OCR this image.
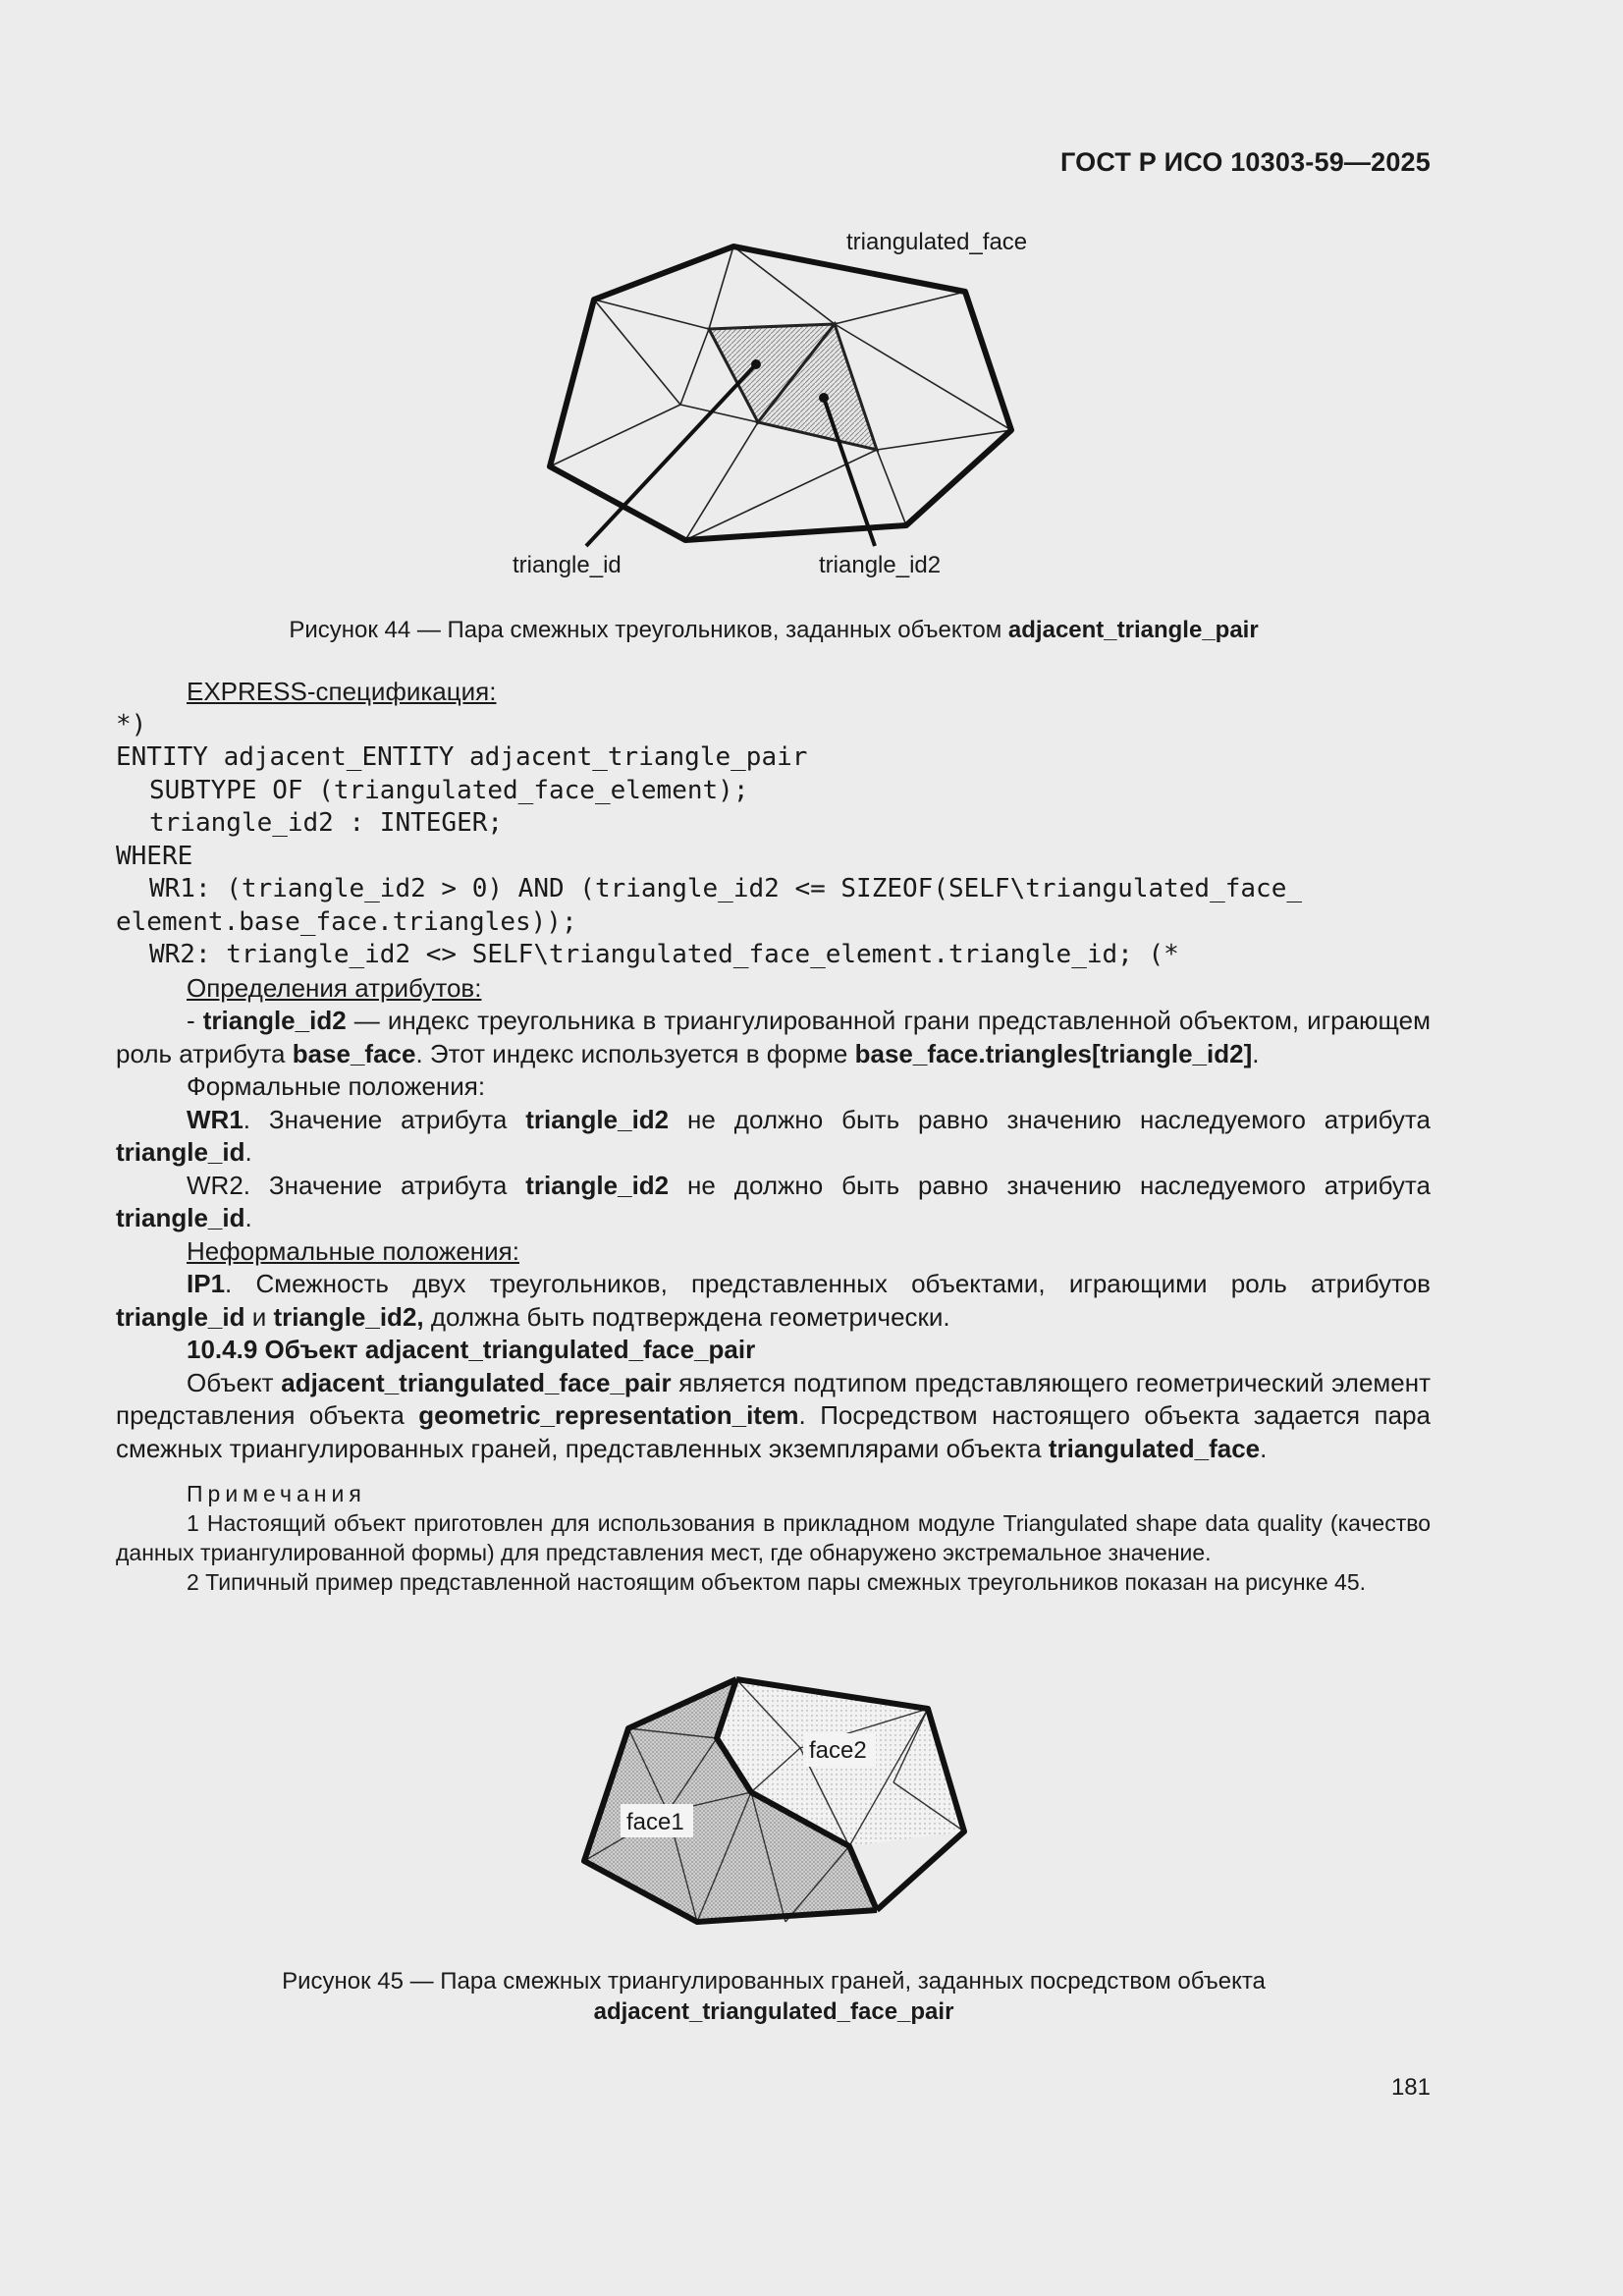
ГОСТ Р ИСО 10303-59—2025
triangulated_face
triangle_id	triangle_id2
Рисунок 44 — Пара смежных треугольников, заданных объектом adjacent_triangle_pair

EXPRESS-спецификация:

*)

ENTITY adjacent_ENTITY adjacent_triangle_pair

SUBTYPE OF (triangulated_face_element);

triangle_id2 : INTEGER;

WHERE

WR1: (triangle_id2 > 0) AND (triangle_id2 <= SIZEOF(SELF\triangulated_face_

element.base_face.triangles));

WR2: triangle_id2 <> SELF\triangulated_face_element.triangle_id; (*

Определения атрибутов:

- triangle_id2 — индекс треугольника в триангулированной грани представленной объектом, играющем роль атрибута base_face. Этот индекс используется в форме base_face.triangles[triangle_id2].

Формальные положения:

WR1. Значение атрибута triangle_id2 не должно быть равно значению наследуемого атрибута triangle_id.

WR2. Значение атрибута triangle_id2 не должно быть равно значению наследуемого атрибута triangle_id.

Неформальные положения:

IP1. Смежность двух треугольников, представленных объектами, играющими роль атрибутов triangle_id и triangle_id2, должна быть подтверждена геометрически.

10.4.9 Объект adjacent_triangulated_face_pair

Объект adjacent_triangulated_face_pair является подтипом представляющего геометрический элемент представления объекта geometric_representation_item. Посредством настоящего объекта задается пара смежных триангулированных граней, представленных экземплярами объекта triangulated_face.

Примечания

1 Настоящий объект приготовлен для использования в прикладном модуле Triangulated shape data quality (качество данных триангулированной формы) для представления мест, где обнаружено экстремальное значение.

2 Типичный пример представленной настоящим объектом пары смежных треугольников показан на рисунке 45.

face2
face1
Рисунок 45 — Пара смежных триангулированных граней, заданных посредством объекта
adjacent_triangulated_face_pair
181
